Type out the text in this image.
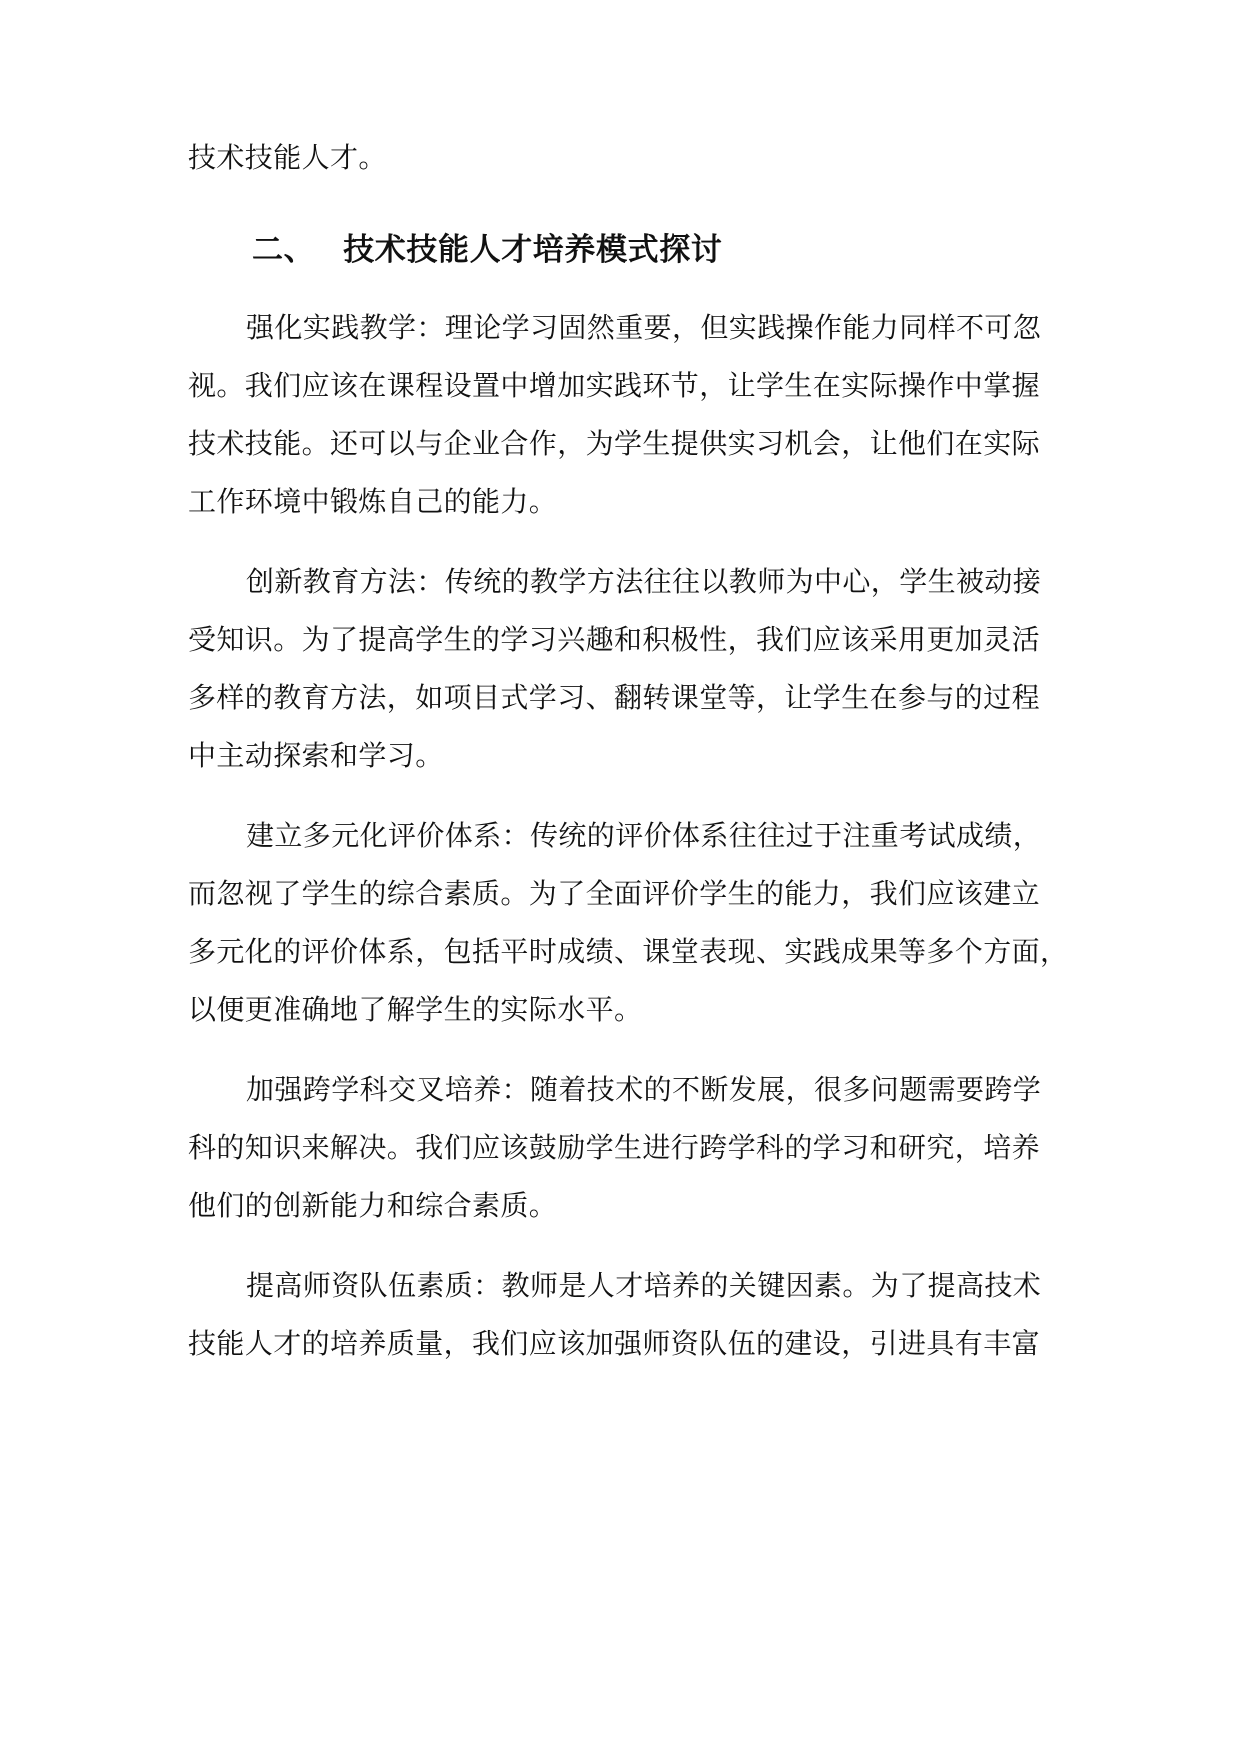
技术技能人才。
二、 技术技能人才培养模式探讨
强化实践教学：理论学习固然重要，但实践操作能力同样不可忽
视。我们应该在课程设置中增加实践环节，让学生在实际操作中掌握
技术技能。还可以与企业合作，为学生提供实习机会，让他们在实际
工作环境中锻炼自己的能力。
创新教育方法：传统的教学方法往往以教师为中心，学生被动接
受知识。为了提高学生的学习兴趣和积极性，我们应该采用更加灵活
多样的教育方法，如项目式学习、翻转课堂等，让学生在参与的过程
中主动探索和学习。
建立多元化评价体系：传统的评价体系往往过于注重考试成绩，
而忽视了学生的综合素质。为了全面评价学生的能力，我们应该建立
多元化的评价体系，包括平时成绩、课堂表现、实践成果等多个方面，
以便更准确地了解学生的实际水平。
加强跨学科交叉培养：随着技术的不断发展，很多问题需要跨学
科的知识来解决。我们应该鼓励学生进行跨学科的学习和研究，培养
他们的创新能力和综合素质。
提高师资队伍素质：教师是人才培养的关键因素。为了提高技术
技能人才的培养质量，我们应该加强师资队伍的建设，引进具有丰富
